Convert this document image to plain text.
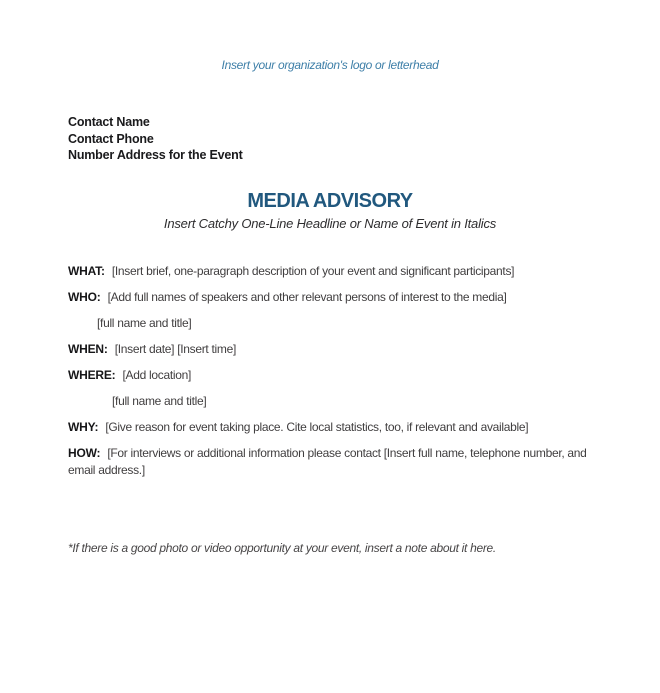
Insert your organization's logo or letterhead
Contact Name
Contact Phone
Number Address for the Event
MEDIA ADVISORY
Insert Catchy One-Line Headline or Name of Event in Italics

WHAT: [Insert brief, one-paragraph description of your event and significant participants]

WHO: [Add full names of speakers and other relevant persons of interest to the media]

[full name and title]

WHEN: [Insert date] [Insert time]

WHERE: [Add location]

[full name and title]

WHY: [Give reason for event taking place. Cite local statistics, too, if relevant and available]

HOW: [For interviews or additional information please contact [Insert full name, telephone number, and email address.]

*If there is a good photo or video opportunity at your event, insert a note about it here.
